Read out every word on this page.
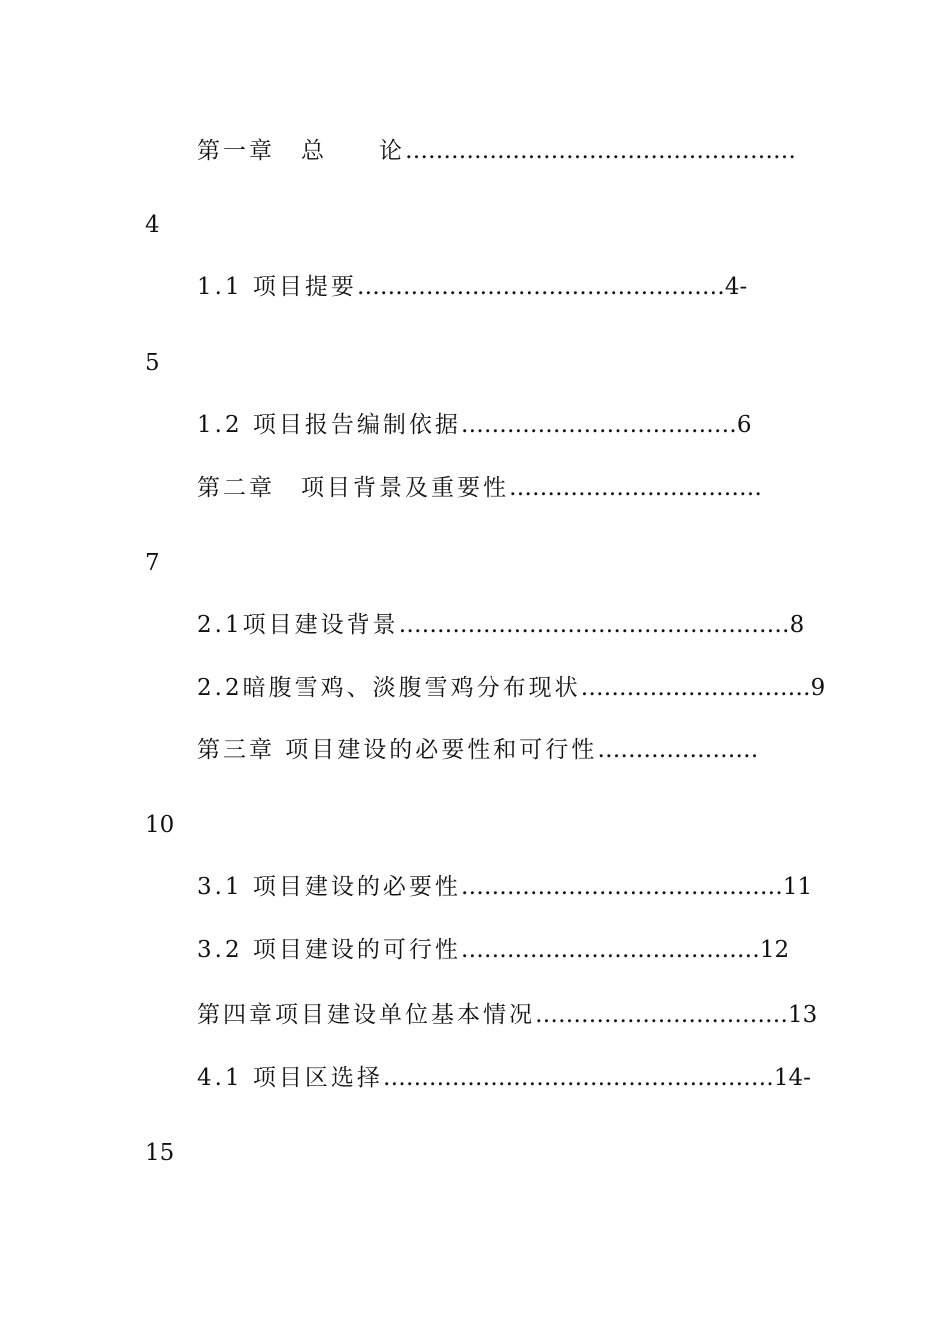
第一章　总　　论……………………………………………
4
1.1 项目提要…………………………………………4-
5
1.2 项目报告编制依据………………………………6
第二章　项目背景及重要性……………………………
7
2.1项目建设背景……………………………………………8
2.2暗腹雪鸡、淡腹雪鸡分布现状…………………………9
第三章 项目建设的必要性和可行性…………………
10
3.1 项目建设的必要性……………………………………11
3.2 项目建设的可行性…………………………………12
第四章项目建设单位基本情况……………………………13
4.1 项目区选择……………………………………………14-
15
